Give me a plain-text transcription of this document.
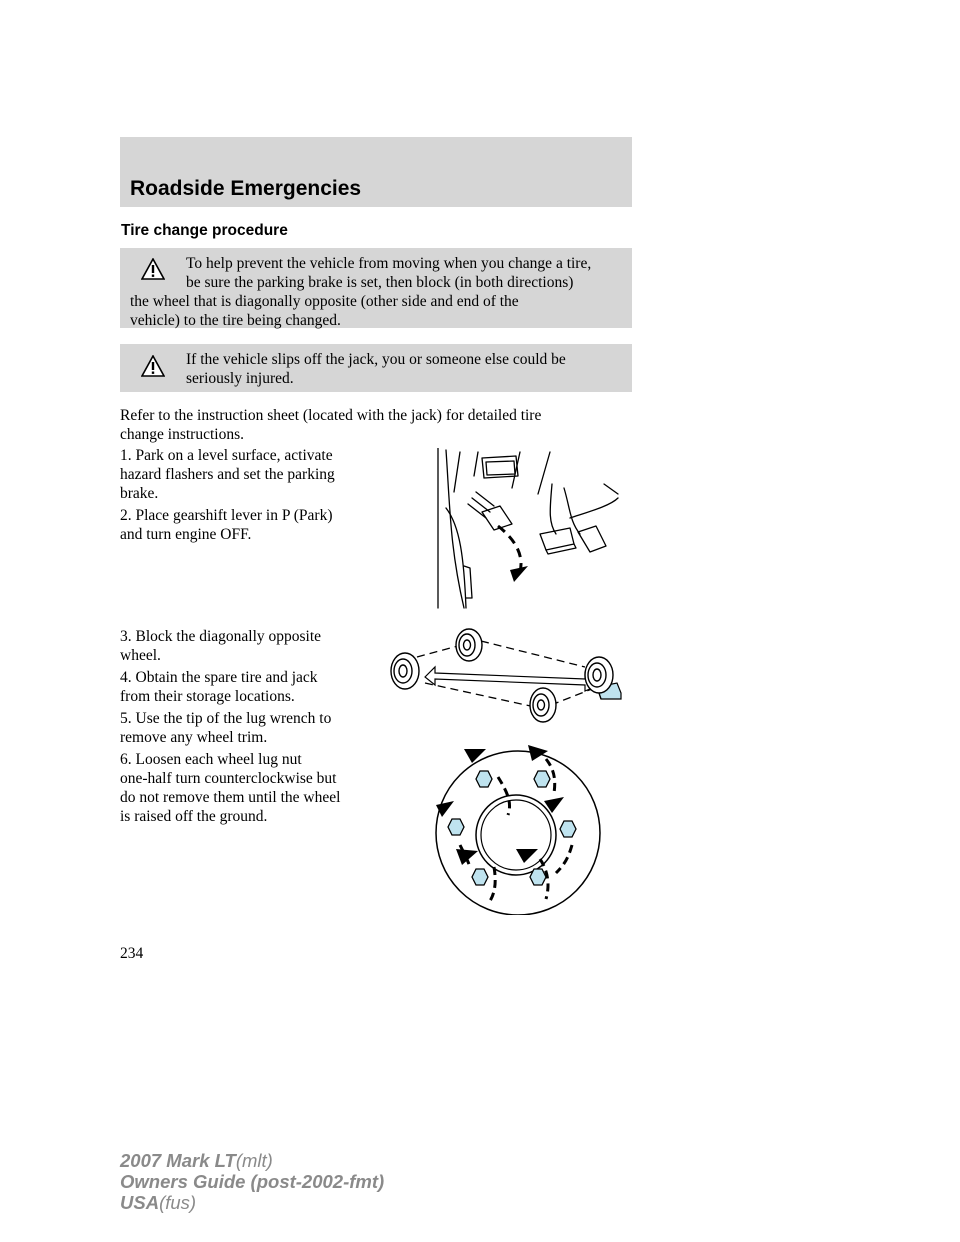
Roadside Emergencies
Tire change procedure
To help prevent the vehicle from moving when you change a tire,
be sure the parking brake is set, then block (in both directions)
the wheel that is diagonally opposite (other side and end of the
vehicle) to the tire being changed.
If the vehicle slips off the jack, you or someone else could be
seriously injured.
Refer to the instruction sheet (located with the jack) for detailed tire
change instructions.
1. Park on a level surface, activate
hazard flashers and set the parking
brake.
2. Place gearshift lever in P (Park)
and turn engine OFF.
3. Block the diagonally opposite
wheel.
4. Obtain the spare tire and jack
from their storage locations.
5. Use the tip of the lug wrench to
remove any wheel trim.
6. Loosen each wheel lug nut
one-half turn counterclockwise but
do not remove them until the wheel
is raised off the ground.
234
2007 Mark LT(mlt)
Owners Guide (post-2002-fmt)
USA(fus)
